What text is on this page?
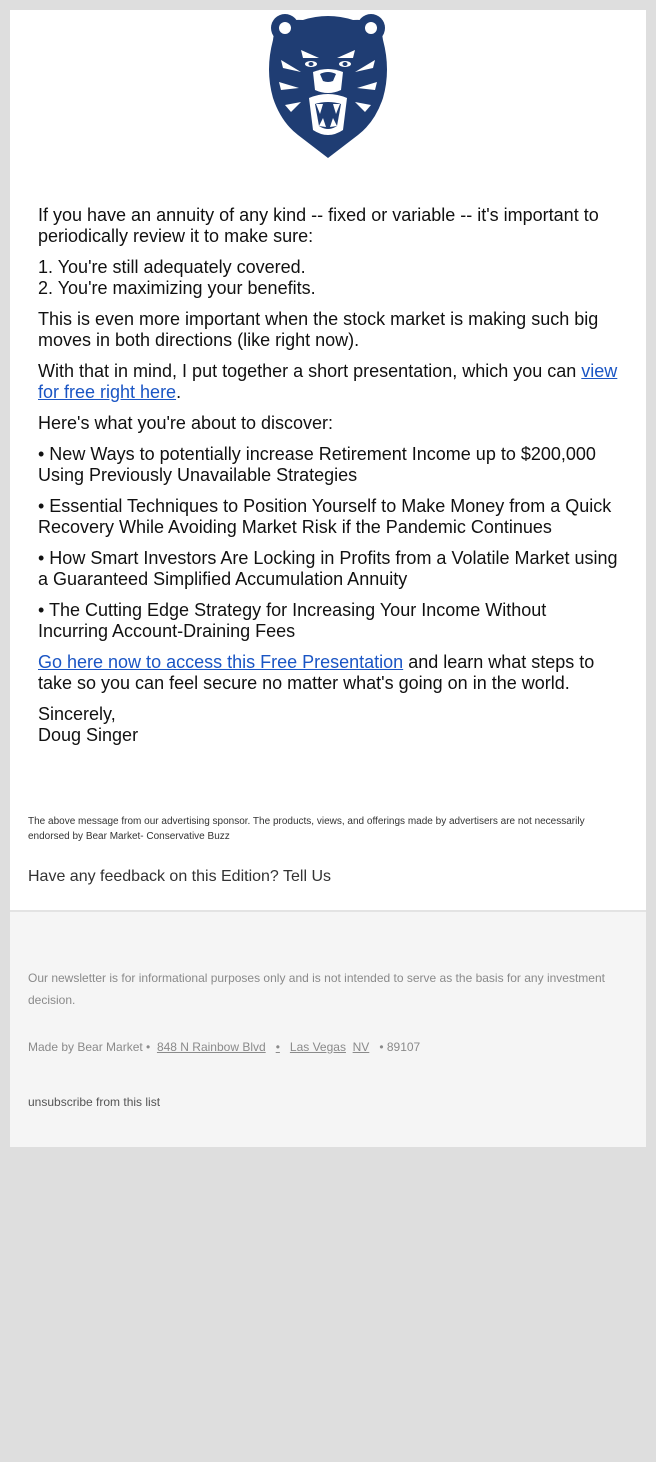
If you have an annuity of any kind -- fixed or variable -- it's important to periodically review it to make sure:

1. You're still adequately covered.
2. You're maximizing your benefits.

This is even more important when the stock market is making such big moves in both directions (like right now).

With that in mind, I put together a short presentation, which you can view for free right here.

Here's what you're about to discover:

• New Ways to potentially increase Retirement Income up to $200,000 Using Previously Unavailable Strategies

• Essential Techniques to Position Yourself to Make Money from a Quick Recovery While Avoiding Market Risk if the Pandemic Continues

• How Smart Investors Are Locking in Profits from a Volatile Market using a Guaranteed Simplified Accumulation Annuity

• The Cutting Edge Strategy for Increasing Your Income Without Incurring Account-Draining Fees

Go here now to access this Free Presentation and learn what steps to take so you can feel secure no matter what's going on in the world.

Sincerely,
Doug Singer

The above message from our advertising sponsor. The products, views, and offerings made by advertisers are not necessarily endorsed by Bear Market- Conservative Buzz
Have any feedback on this Edition? Tell Us

Our newsletter is for informational purposes only and is not intended to serve as the basis for any investment decision.

Made by Bear Market •  848 N Rainbow Blvd • Las Vegas NV • 89107

unsubscribe from this list
